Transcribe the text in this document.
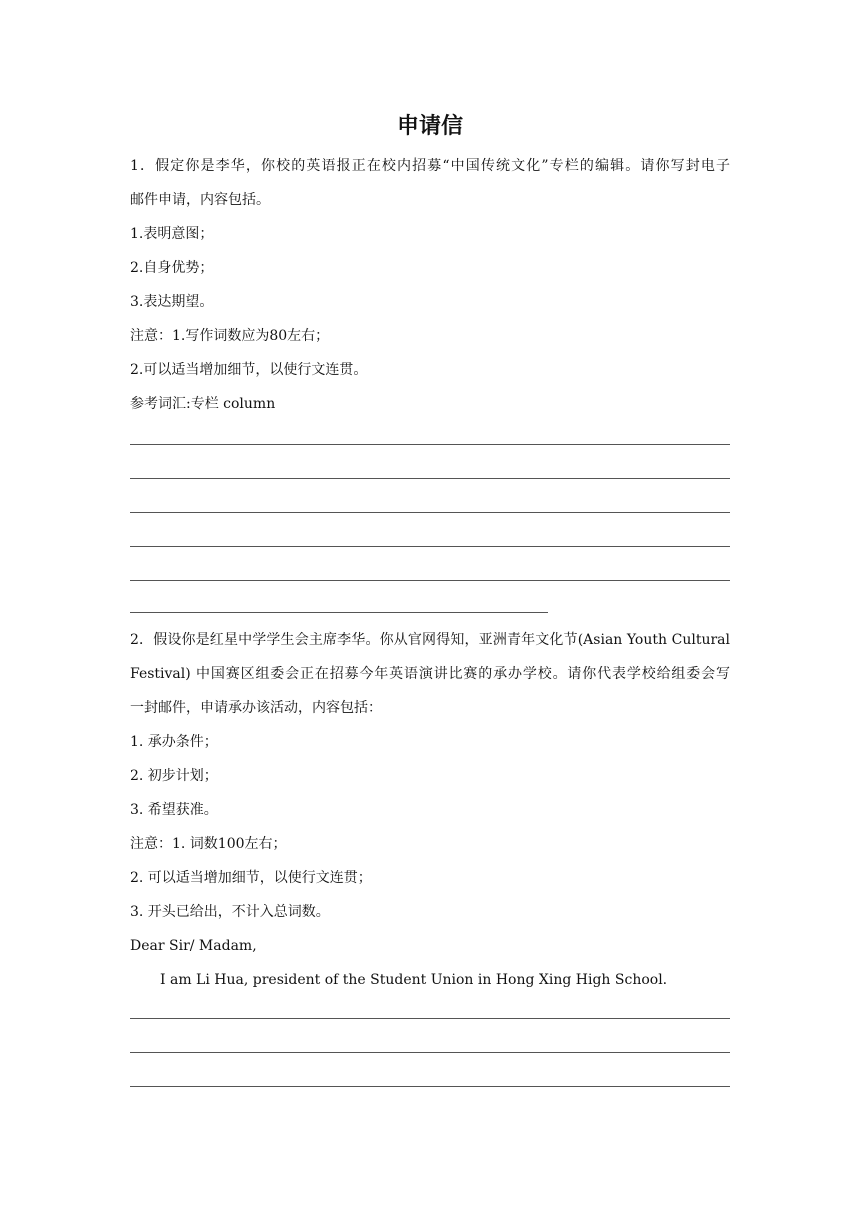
申请信
1．假定你是李华，你校的英语报正在校内招募“中国传统文化”专栏的编辑。请你写封电子
邮件申请，内容包括。
1.表明意图；
2.自身优势；
3.表达期望。
注意：1.写作词数应为80左右；
2.可以适当增加细节，以使行文连贯。
参考词汇:专栏 column
2．假设你是红星中学学生会主席李华。你从官网得知，亚洲青年文化节(Asian Youth Cultural
Festival) 中国赛区组委会正在招募今年英语演讲比赛的承办学校。请你代表学校给组委会写
一封邮件，申请承办该活动，内容包括：
1. 承办条件；
2. 初步计划；
3. 希望获准。
注意：1. 词数100左右；
2. 可以适当增加细节，以使行文连贯；
3. 开头已给出，不计入总词数。
Dear Sir/ Madam,
I am Li Hua, president of the Student Union in Hong Xing High School.
